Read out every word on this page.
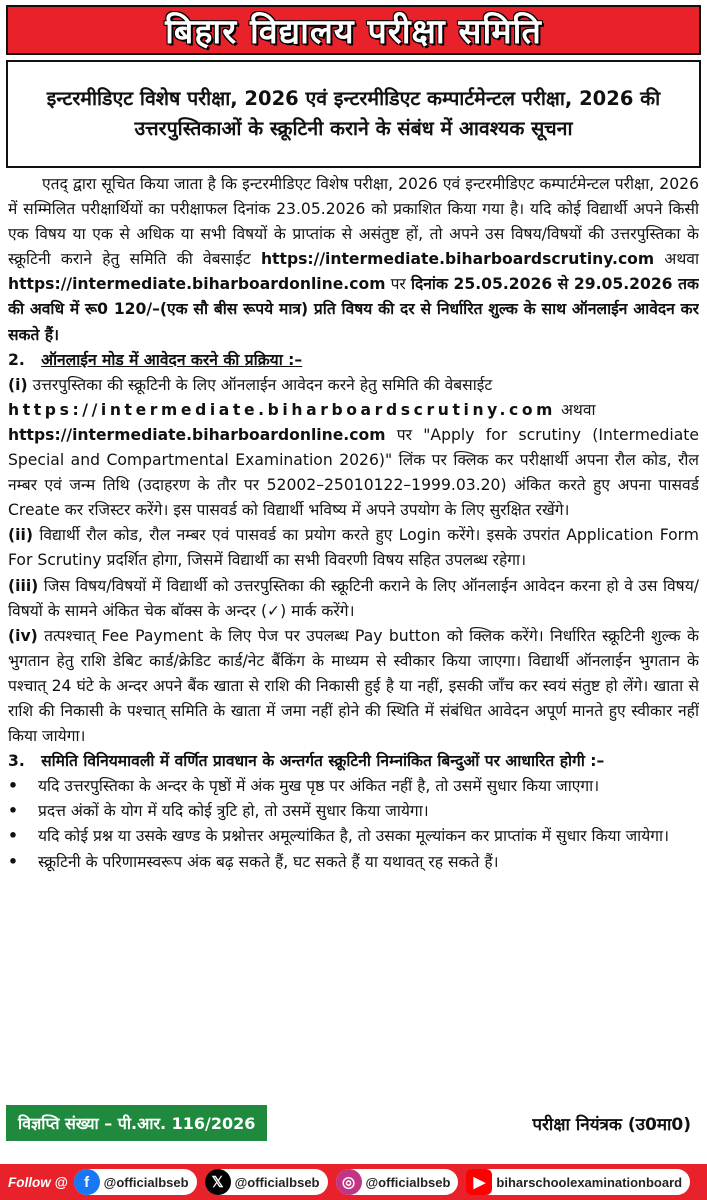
बिहार विद्यालय परीक्षा समिति
इन्टरमीडिएट विशेष परीक्षा, 2026 एवं इन्टरमीडिएट कम्पार्टमेन्टल परीक्षा, 2026 की उत्तरपुस्तिकाओं के स्क्रूटिनी कराने के संबंध में आवश्यक सूचना

एतद् द्वारा सूचित किया जाता है कि इन्टरमीडिएट विशेष परीक्षा, 2026 एवं इन्टरमीडिएट कम्पार्टमेन्टल परीक्षा, 2026 में सम्मिलित परीक्षार्थियों का परीक्षाफल दिनांक 23.05.2026 को प्रकाशित किया गया है। यदि कोई विद्यार्थी अपने किसी एक विषय या एक से अधिक या सभी विषयों के प्राप्तांक से असंतुष्ट हों, तो अपने उस विषय/विषयों की उत्तरपुस्तिका के स्क्रूटिनी कराने हेतु समिति की वेबसाईट https://intermediate.biharboardscrutiny.com अथवा https://intermediate.biharboardonline.com पर दिनांक 25.05.2026 से 29.05.2026 तक की अवधि में रू0 120/–(एक सौ बीस रूपये मात्र) प्रति विषय की दर से निर्धारित शुल्क के साथ ऑनलाईन आवेदन कर सकते हैं।

2. ऑनलाईन मोड में आवेदन करने की प्रक्रिया :–

(i) उत्तरपुस्तिका की स्क्रूटिनी के लिए ऑनलाईन आवेदन करने हेतु समिति की वेबसाईट
https://intermediate.biharboardscrutiny.com अथवा
https://intermediate.biharboardonline.com पर "Apply for scrutiny (Intermediate Special and Compartmental Examination 2026)" लिंक पर क्लिक कर परीक्षार्थी अपना रौल कोड, रौल नम्बर एवं जन्म तिथि (उदाहरण के तौर पर 52002–25010122–1999.03.20) अंकित करते हुए अपना पासवर्ड Create कर रजिस्टर करेंगे। इस पासवर्ड को विद्यार्थी भविष्य में अपने उपयोग के लिए सुरक्षित रखेंगे।

(ii) विद्यार्थी रौल कोड, रौल नम्बर एवं पासवर्ड का प्रयोग करते हुए Login करेंगे। इसके उपरांत Application Form For Scrutiny प्रदर्शित होगा, जिसमें विद्यार्थी का सभी विवरणी विषय सहित उपलब्ध रहेगा।

(iii) जिस विषय/विषयों में विद्यार्थी को उत्तरपुस्तिका की स्क्रूटिनी कराने के लिए ऑनलाईन आवेदन करना हो वे उस विषय/विषयों के सामने अंकित चेक बॉक्स के अन्दर (✓) मार्क करेंगे।

(iv) तत्पश्चात् Fee Payment के लिए पेज पर उपलब्ध Pay button को क्लिक करेंगे। निर्धारित स्क्रूटिनी शुल्क के भुगतान हेतु राशि डेबिट कार्ड/क्रेडिट कार्ड/नेट बैंकिंग के माध्यम से स्वीकार किया जाएगा। विद्यार्थी ऑनलाईन भुगतान के पश्चात् 24 घंटे के अन्दर अपने बैंक खाता से राशि की निकासी हुई है या नहीं, इसकी जाँच कर स्वयं संतुष्ट हो लेंगे। खाता से राशि की निकासी के पश्चात् समिति के खाता में जमा नहीं होने की स्थिति में संबंधित आवेदन अपूर्ण मानते हुए स्वीकार नहीं किया जायेगा।

3. समिति विनियमावली में वर्णित प्रावधान के अन्तर्गत स्क्रूटिनी निम्नांकित बिन्दुओं पर आधारित होगी :–

•	यदि उत्तरपुस्तिका के अन्दर के पृष्ठों में अंक मुख पृष्ठ पर अंकित नहीं है, तो उसमें सुधार किया जाएगा।
•	प्रदत्त अंकों के योग में यदि कोई त्रुटि हो, तो उसमें सुधार किया जायेगा।
•	यदि कोई प्रश्न या उसके खण्ड के प्रश्नोत्तर अमूल्यांकित है, तो उसका मूल्यांकन कर प्राप्तांक में सुधार किया जायेगा।
•	स्क्रूटिनी के परिणामस्वरूप अंक बढ़ सकते हैं, घट सकते हैं या यथावत् रह सकते हैं।
विज्ञप्ति संख्या – पी.आर. 116/2026	परीक्षा नियंत्रक (उ0मा0)
Follow @	f	@officialbseb	𝕏 @officialbseb	◎ @officialbseb	▶ biharschoolexaminationboard
